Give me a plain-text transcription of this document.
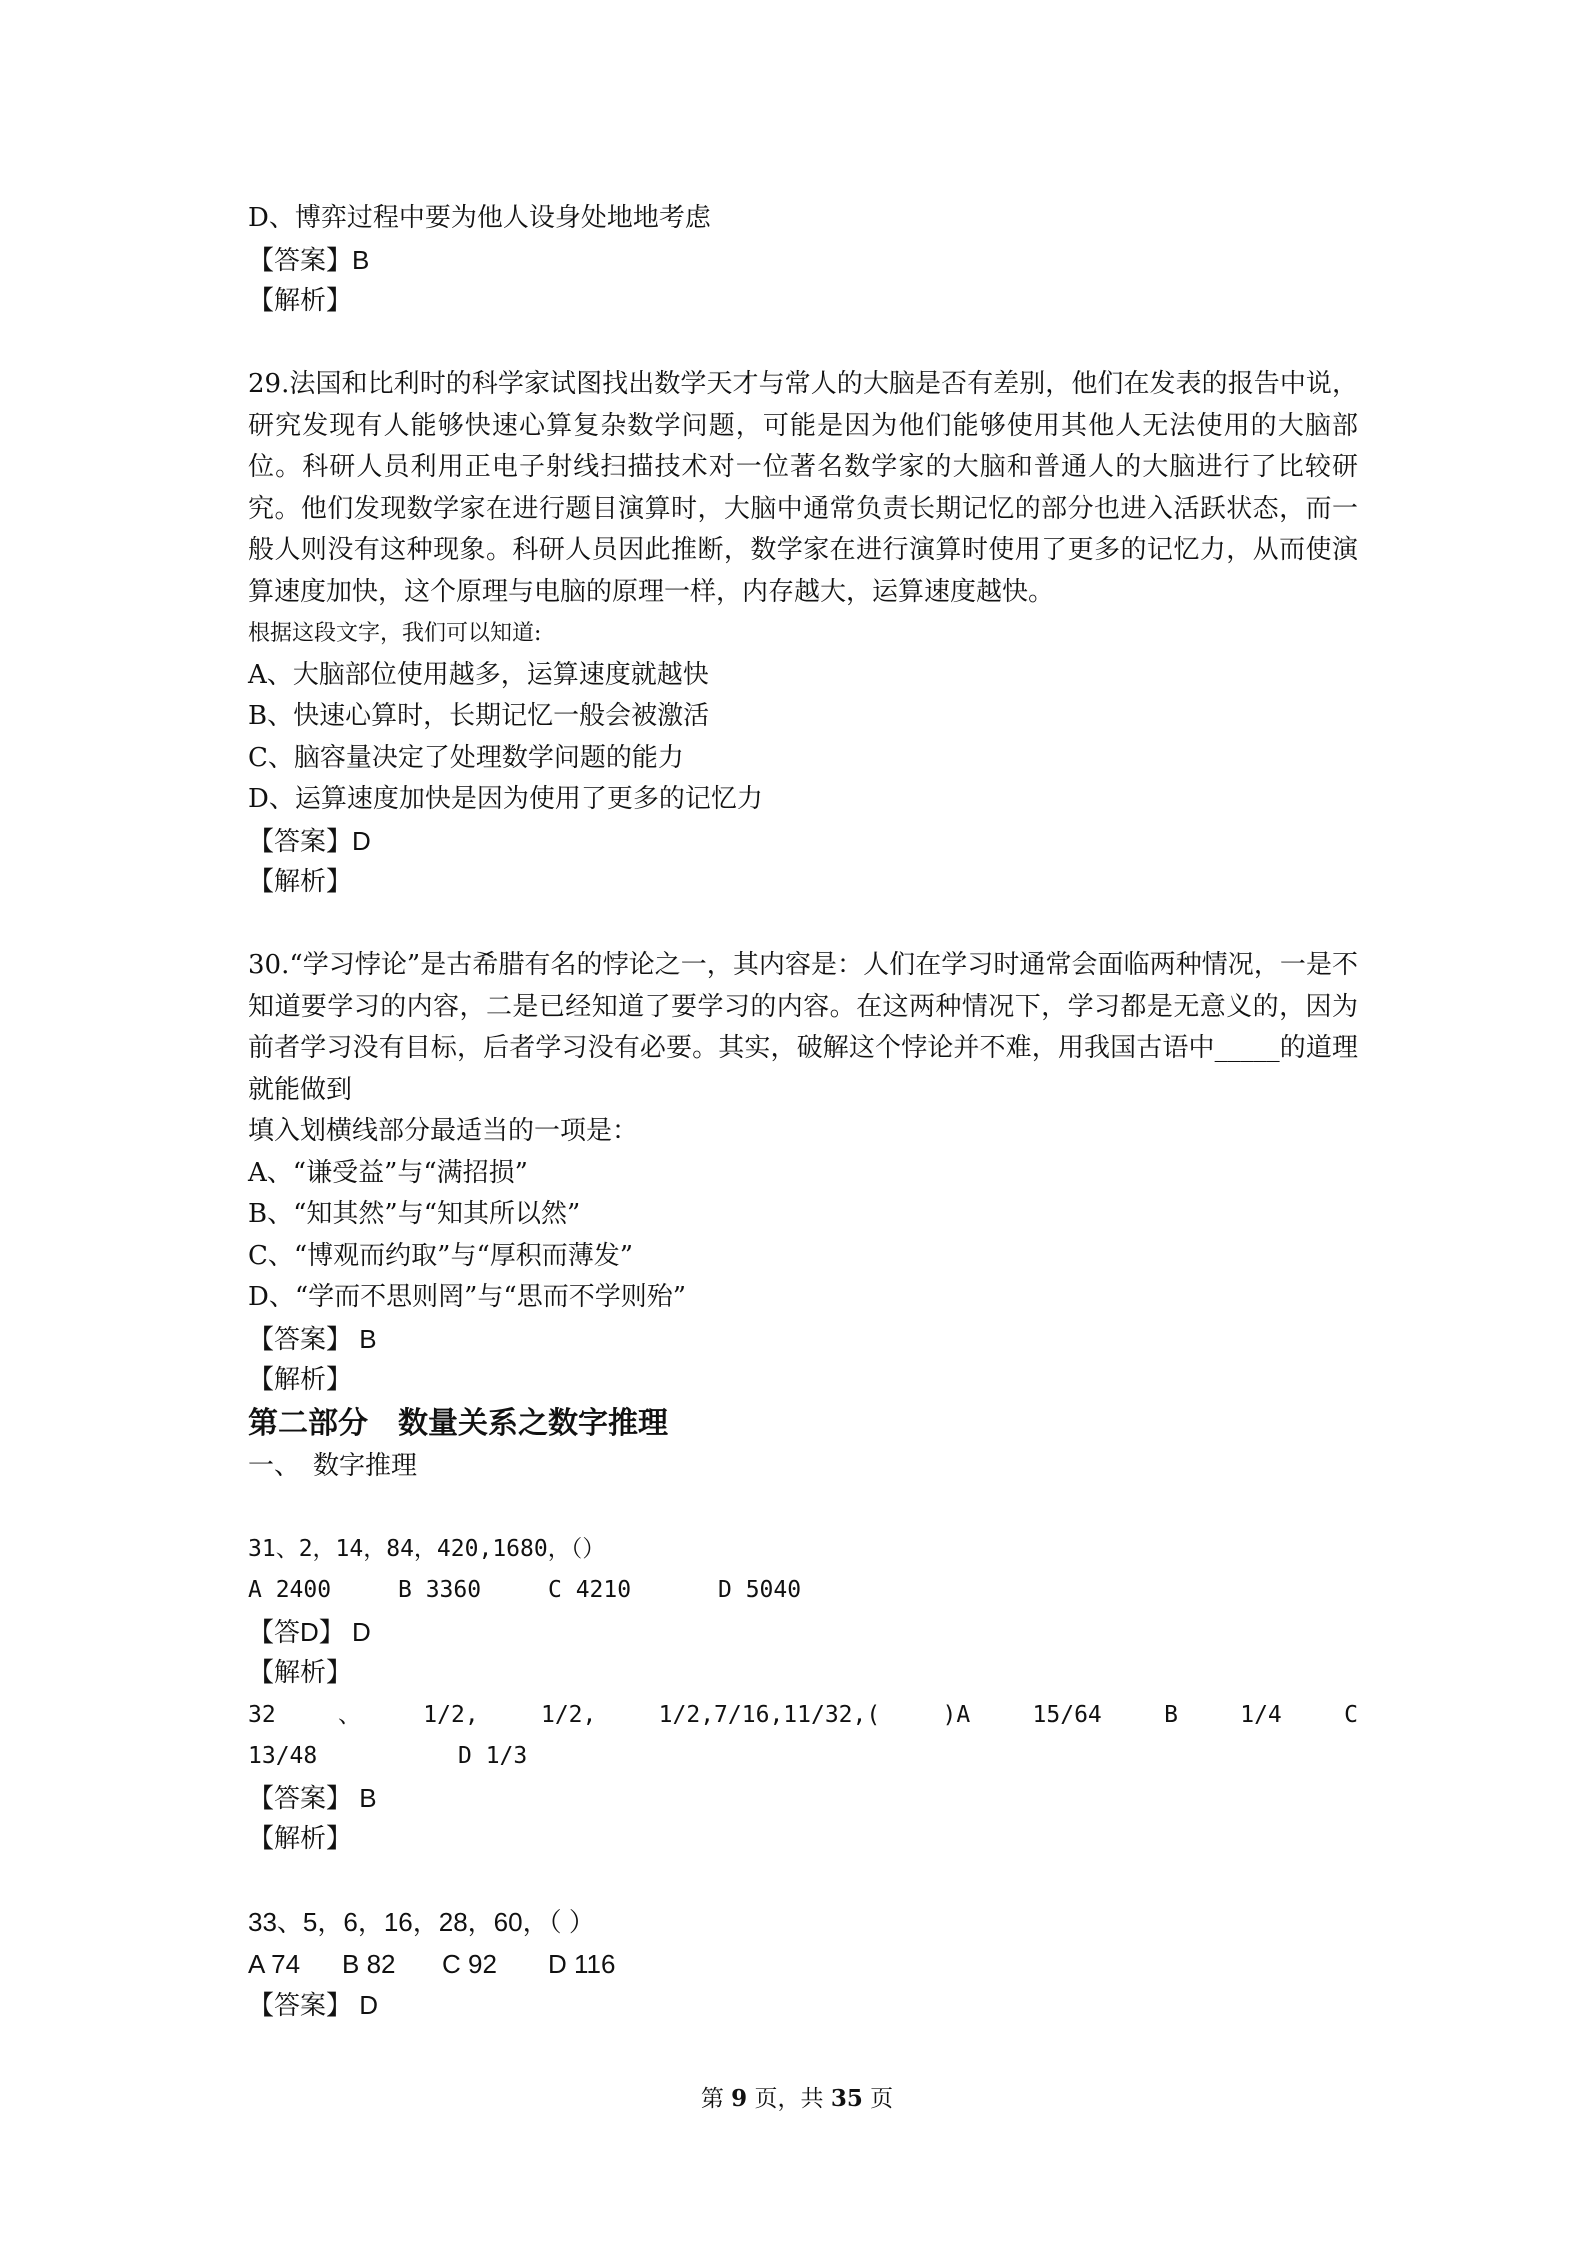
D、博弈过程中要为他人设身处地地考虑
【答案】B
【解析】
29.法国和比利时的科学家试图找出数学天才与常人的大脑是否有差别，他们在发表的报告中说，研究发现有人能够快速心算复杂数学问题，可能是因为他们能够使用其他人无法使用的大脑部位。科研人员利用正电子射线扫描技术对一位著名数学家的大脑和普通人的大脑进行了比较研究。他们发现数学家在进行题目演算时，大脑中通常负责长期记忆的部分也进入活跃状态，而一般人则没有这种现象。科研人员因此推断，数学家在进行演算时使用了更多的记忆力，从而使演算速度加快，这个原理与电脑的原理一样，内存越大，运算速度越快。
根据这段文字，我们可以知道:
A、大脑部位使用越多，运算速度就越快
B、快速心算时，长期记忆一般会被激活
C、脑容量决定了处理数学问题的能力
D、运算速度加快是因为使用了更多的记忆力
【答案】D
【解析】
30.“学习悖论”是古希腊有名的悖论之一，其内容是：人们在学习时通常会面临两种情况，一是不知道要学习的内容，二是已经知道了要学习的内容。在这两种情况下，学习都是无意义的，因为前者学习没有目标，后者学习没有必要。其实，破解这个悖论并不难，用我国古语中_____的道理就能做到
填入划横线部分最适当的一项是：
A、“谦受益”与“满招损”
B、“知其然”与“知其所以然”
C、“博观而约取”与“厚积而薄发”
D、“学而不思则罔”与“思而不学则殆”
【答案】 B
【解析】
第二部分　数量关系之数字推理
一、　数字推理
31、2，14，84，420,1680，（）
A 2400	B 3360	C 4210	D 5040
【答D】 D
【解析】
32	、	1/2,	1/2,	1/2,7/16,11/32,(	)A	15/64	B	1/4	C
13/48	D 1/3
【答案】 B
【解析】
33、5，6，16，28，60，（ ）
A 74 B 82 C 92 D 116
【答案】 D
第 9 页，共 35 页
